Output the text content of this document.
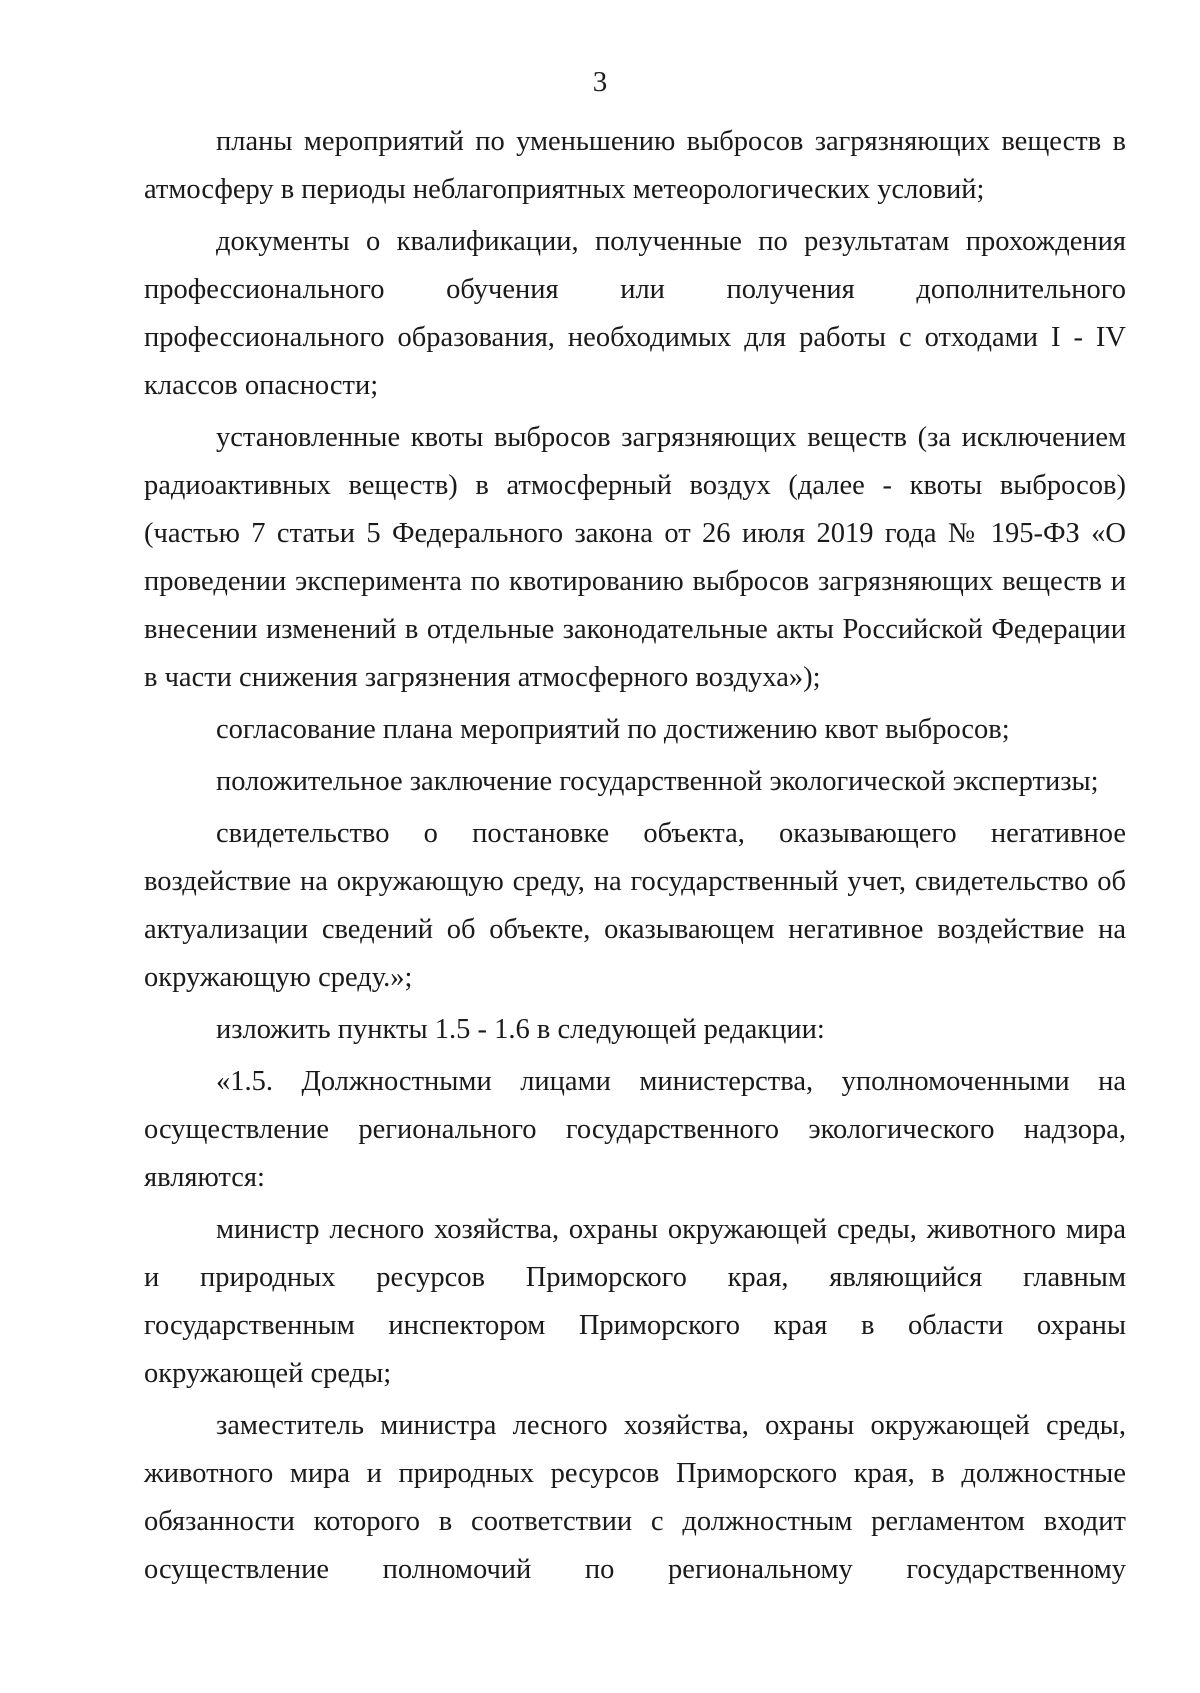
3

планы мероприятий по уменьшению выбросов загрязняющих веществ в атмосферу в периоды неблагоприятных метеорологических условий;

документы о квалификации, полученные по результатам прохождения профессионального обучения или получения дополнительного профессионального образования, необходимых для работы с отходами I - IV классов опасности;

установленные квоты выбросов загрязняющих веществ (за исключением радиоактивных веществ) в атмосферный воздух (далее - квоты выбросов) (частью 7 статьи 5 Федерального закона от 26 июля 2019 года № 195-ФЗ «О проведении эксперимента по квотированию выбросов загрязняющих веществ и внесении изменений в отдельные законодательные акты Российской Федерации в части снижения загрязнения атмосферного воздуха»);

согласование плана мероприятий по достижению квот выбросов;

положительное заключение государственной экологической экспертизы;

свидетельство о постановке объекта, оказывающего негативное воздействие на окружающую среду, на государственный учет, свидетельство об актуализации сведений об объекте, оказывающем негативное воздействие на окружающую среду.»;

изложить пункты 1.5 - 1.6 в следующей редакции:

«1.5. Должностными лицами министерства, уполномоченными на осуществление регионального государственного экологического надзора, являются:

министр лесного хозяйства, охраны окружающей среды, животного мира и природных ресурсов Приморского края, являющийся главным государственным инспектором Приморского края в области охраны окружающей среды;

заместитель министра лесного хозяйства, охраны окружающей среды, животного мира и природных ресурсов Приморского края, в должностные обязанности которого в соответствии с должностным регламентом входит осуществление полномочий по региональному государственному
